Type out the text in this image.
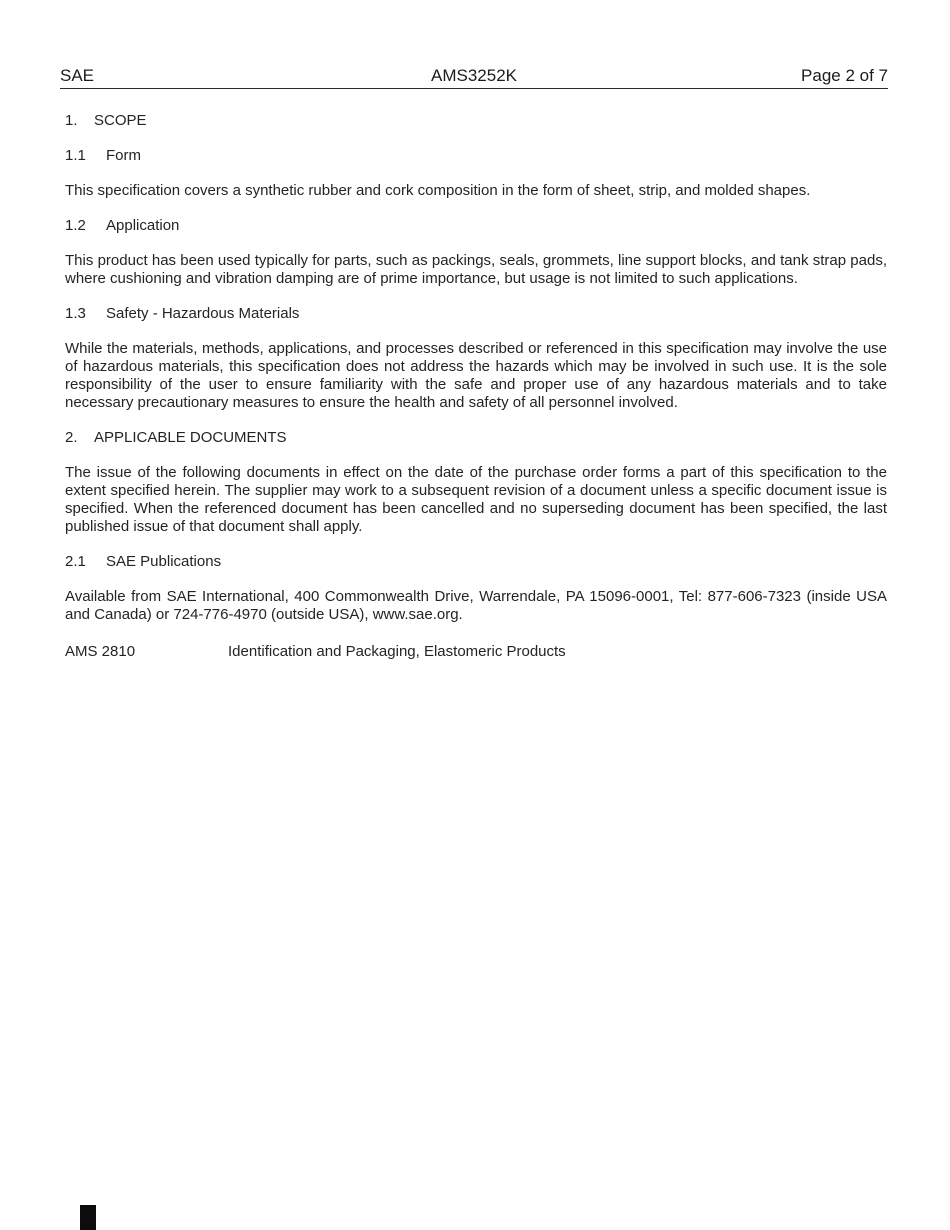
SAE	AMS3252K	Page 2 of 7

1. SCOPE

1.1 Form

This specification covers a synthetic rubber and cork composition in the form of sheet, strip, and molded shapes.

1.2 Application

This product has been used typically for parts, such as packings, seals, grommets, line support blocks, and tank strap pads, where cushioning and vibration damping are of prime importance, but usage is not limited to such applications.

1.3 Safety - Hazardous Materials

While the materials, methods, applications, and processes described or referenced in this specification may involve the use of hazardous materials, this specification does not address the hazards which may be involved in such use. It is the sole responsibility of the user to ensure familiarity with the safe and proper use of any hazardous materials and to take necessary precautionary measures to ensure the health and safety of all personnel involved.

2. APPLICABLE DOCUMENTS

The issue of the following documents in effect on the date of the purchase order forms a part of this specification to the extent specified herein. The supplier may work to a subsequent revision of a document unless a specific document issue is specified. When the referenced document has been cancelled and no superseding document has been specified, the last published issue of that document shall apply.

2.1 SAE Publications

Available from SAE International, 400 Commonwealth Drive, Warrendale, PA 15096-0001, Tel: 877-606-7323 (inside USA and Canada) or 724-776-4970 (outside USA), www.sae.org.

AMS 2810	Identification and Packaging, Elastomeric Products
